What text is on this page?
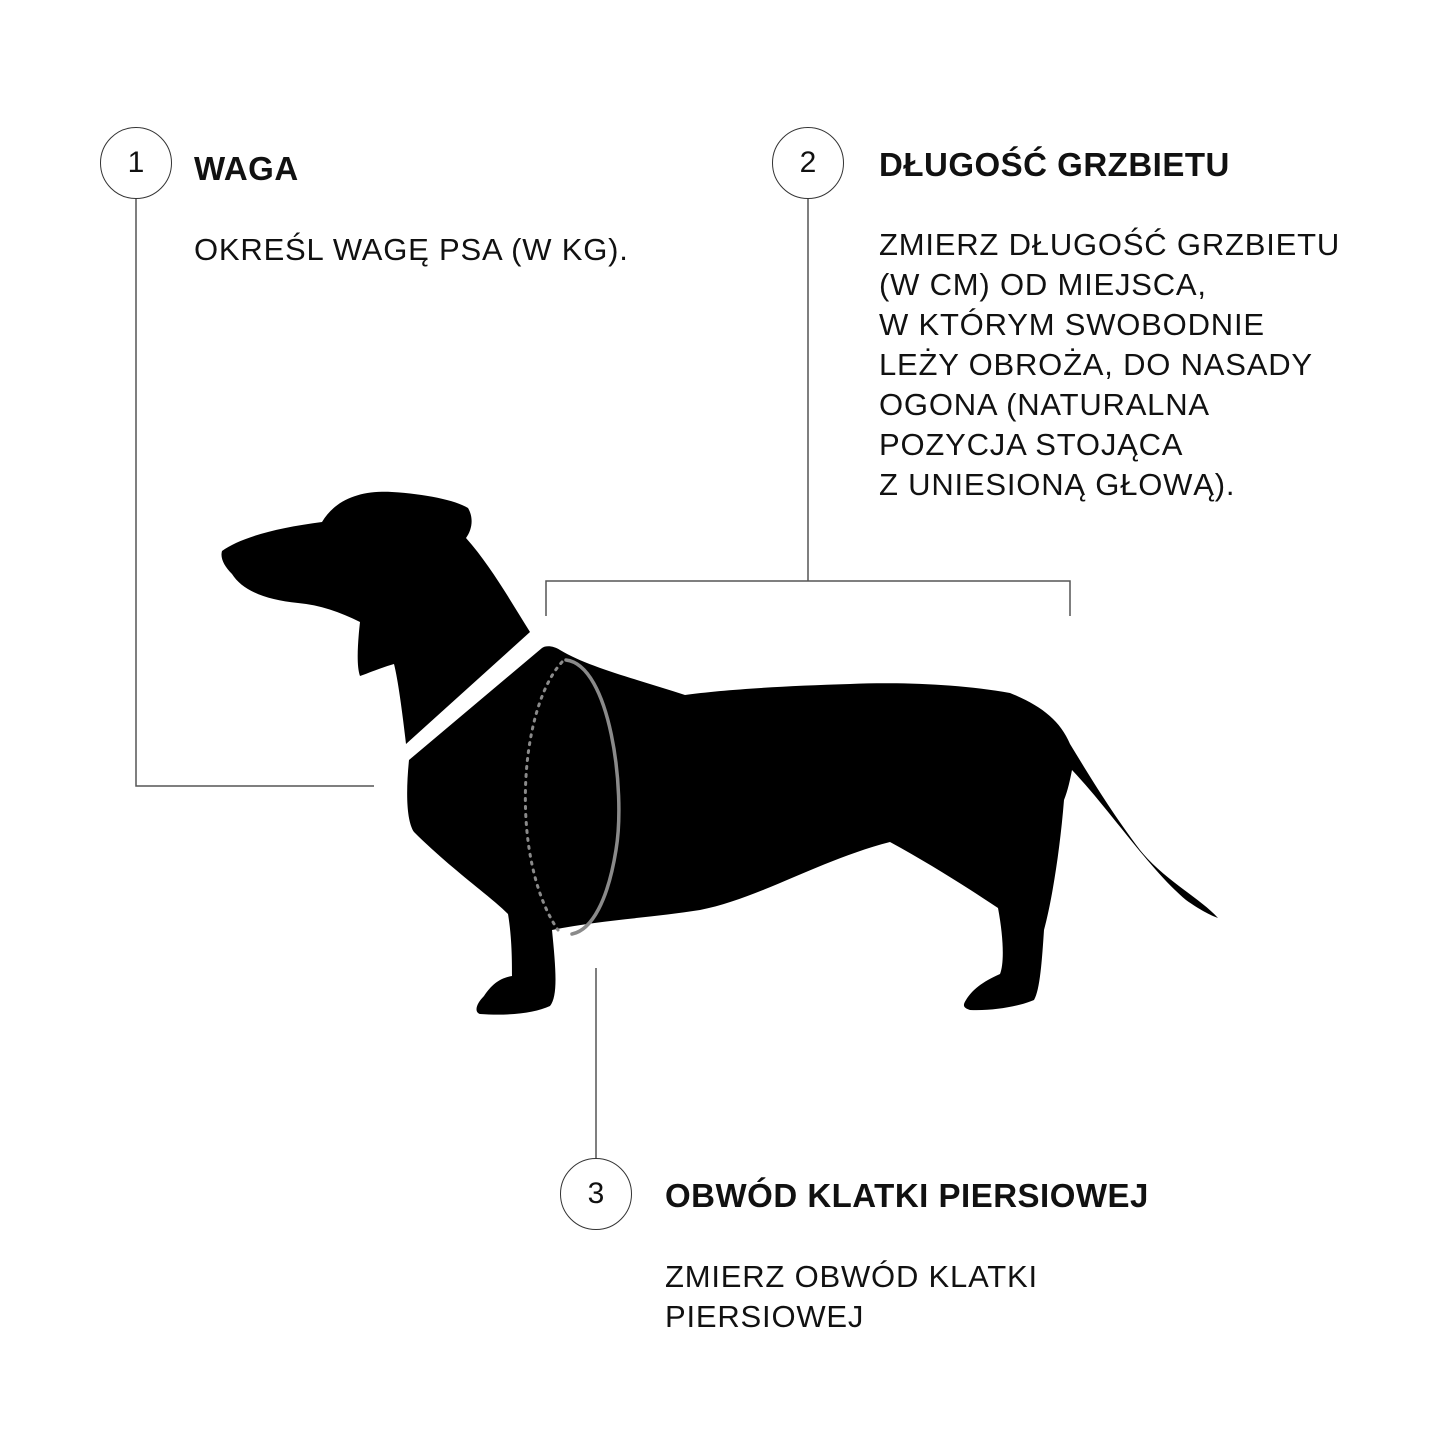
1	WAGA
OKREŚL WAGĘ PSA (W KG).
2	DŁUGOŚĆ GRZBIETU
ZMIERZ DŁUGOŚĆ GRZBIETU
(W CM) OD MIEJSCA,
W KTÓRYM SWOBODNIE
LEŻY OBROŻA, DO NASADY
OGONA (NATURALNA
POZYCJA STOJĄCA
Z UNIESIONĄ GŁOWĄ).
3	OBWÓD KLATKI PIERSIOWEJ
ZMIERZ OBWÓD KLATKI
PIERSIOWEJ
